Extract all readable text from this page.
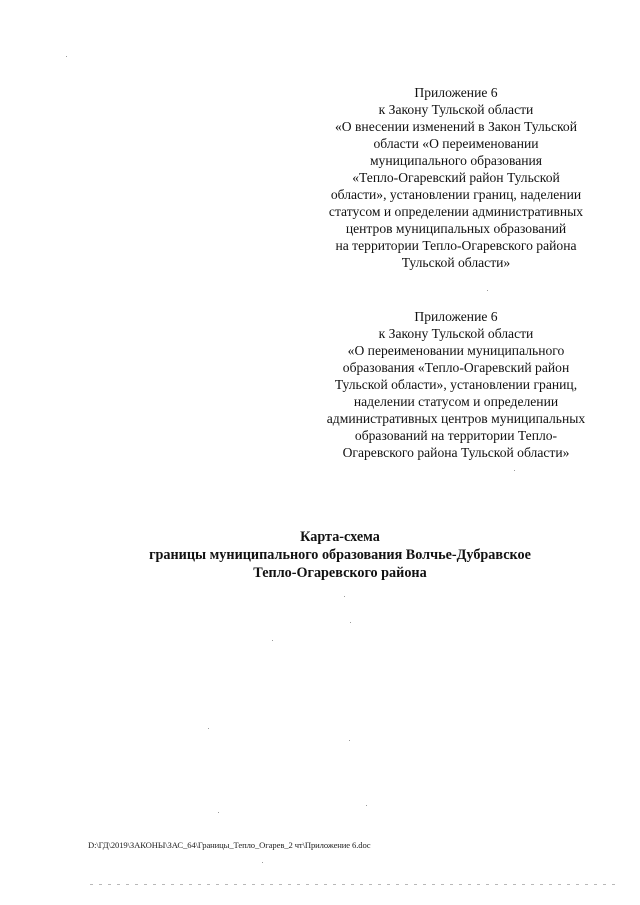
Приложение 6
к Закону Тульской области
«О внесении изменений в Закон Тульской
области «О переименовании
муниципального образования
«Тепло-Огаревский район Тульской
области», установлении границ, наделении
статусом и определении административных
центров муниципальных образований
на территории Тепло-Огаревского района
Тульской области»
Приложение 6
к Закону Тульской области
«О переименовании муниципального
образования «Тепло-Огаревский район
Тульской области», установлении границ,
наделении статусом и определении
административных центров муниципальных
образований на территории Тепло-
Огаревского района Тульской области»
Карта-схема
границы муниципального образования Волчье-Дубравское
Тепло-Огаревского района
D:\ГД\2019\ЗАКОНЫ\ЗАС_64\Границы_Тепло_Огарев_2 чт\Приложение 6.doc
